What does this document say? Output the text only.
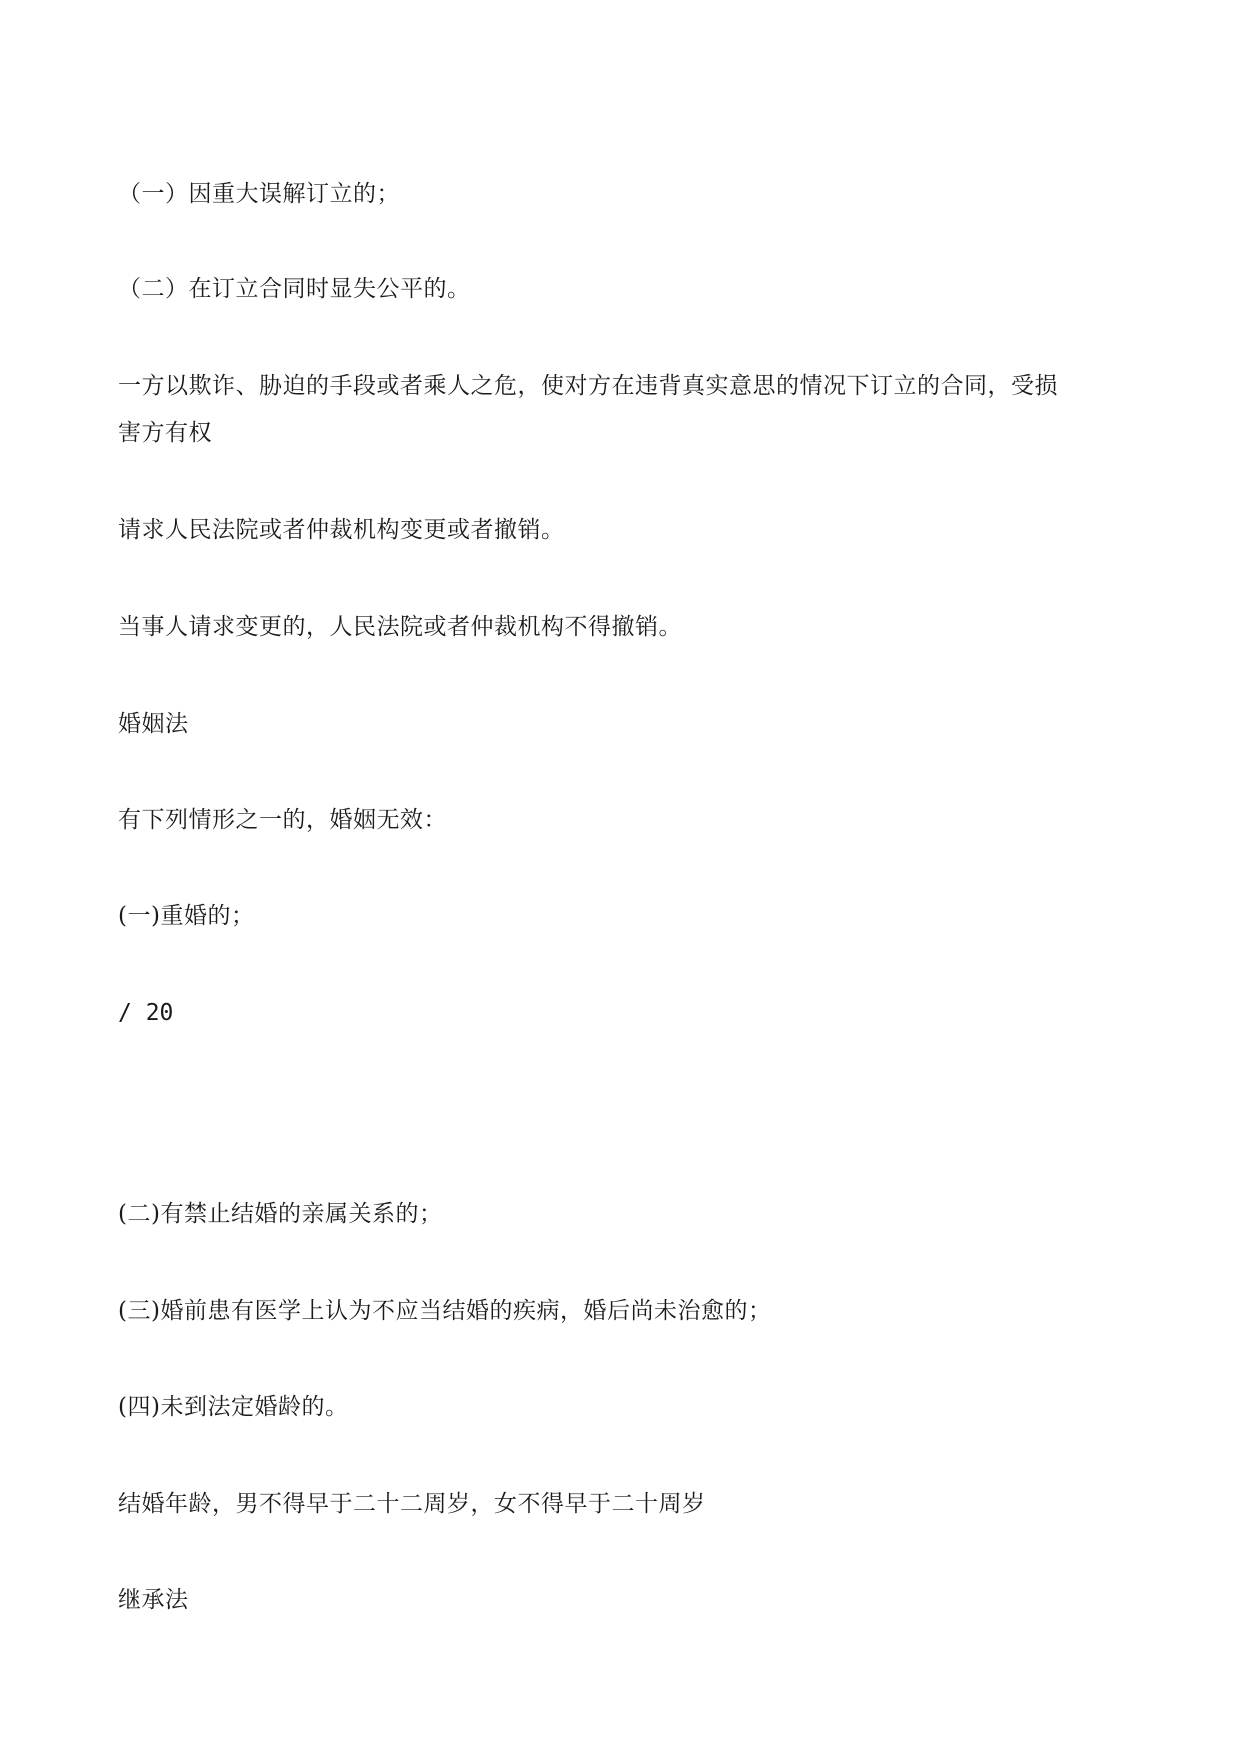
（一）因重大误解订立的；

（二）在订立合同时显失公平的。

一方以欺诈、胁迫的手段或者乘人之危，使对方在违背真实意思的情况下订立的合同，受损

害方有权

请求人民法院或者仲裁机构变更或者撤销。

当事人请求变更的，人民法院或者仲裁机构不得撤销。

婚姻法

有下列情形之一的，婚姻无效：

(一)重婚的；

/ 20

(二)有禁止结婚的亲属关系的；

(三)婚前患有医学上认为不应当结婚的疾病，婚后尚未治愈的；

(四)未到法定婚龄的。

结婚年龄，男不得早于二十二周岁，女不得早于二十周岁

继承法
